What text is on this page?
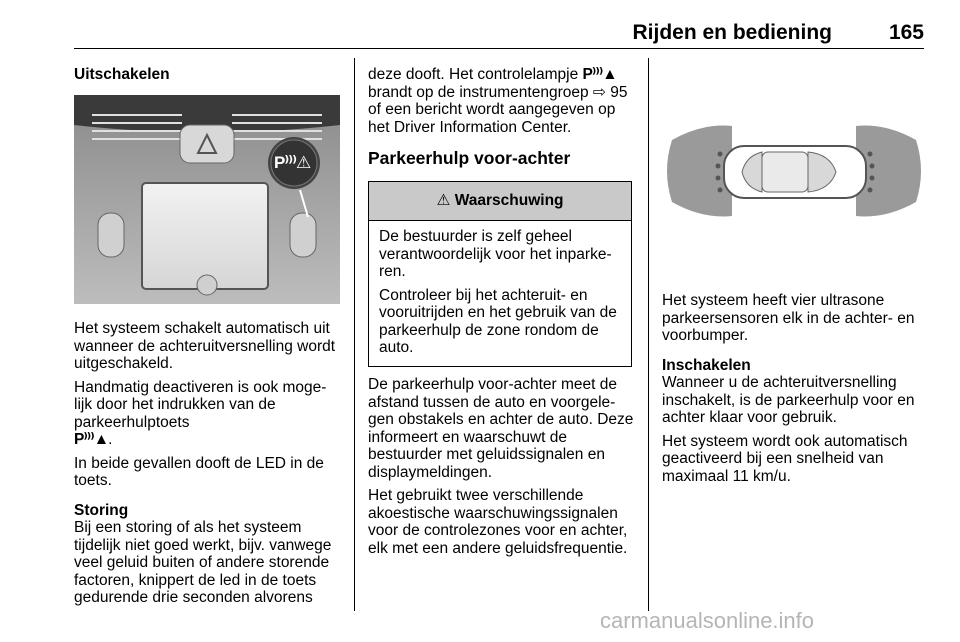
Rijden en bediening	165

Uitschakelen

P⁾⁾⁾⚠

Het systeem schakelt automatisch uit wanneer de achteruitversnelling wordt uitgeschakeld.

Handmatig deactiveren is ook moge-lijk door het indrukken van de parkeerhulptoets

P⁾⁾⁾▲.

In beide gevallen dooft de LED in de toets.

Storing

Bij een storing of als het systeem tijdelijk niet goed werkt, bijv. vanwege veel geluid buiten of andere storende factoren, knippert de led in de toets gedurende drie seconden alvorens

deze dooft. Het controlelampje P⁾⁾⁾▲ brandt op de instrumentengroep ⇨ 95 of een bericht wordt aangegeven op het Driver Information Center.

Parkeerhulp voor-achter

⚠ Waarschuwing

De bestuurder is zelf geheel verantwoordelijk voor het inparke-ren.

Controleer bij het achteruit- en vooruitrijden en het gebruik van de parkeerhulp de zone rondom de auto.

De parkeerhulp voor-achter meet de afstand tussen de auto en voorgele-gen obstakels en achter de auto. Deze informeert en waarschuwt de bestuurder met geluidssignalen en displaymeldingen.

Het gebruikt twee verschillende akoestische waarschuwingssignalen voor de controlezones voor en achter, elk met een andere geluidsfrequentie.

Het systeem heeft vier ultrasone parkeersensoren elk in de achter- en voorbumper.

Inschakelen

Wanneer u de achteruitversnelling inschakelt, is de parkeerhulp voor en achter klaar voor gebruik.

Het systeem wordt ook automatisch geactiveerd bij een snelheid van maximaal 11 km/u.

carmanualsonline.info
